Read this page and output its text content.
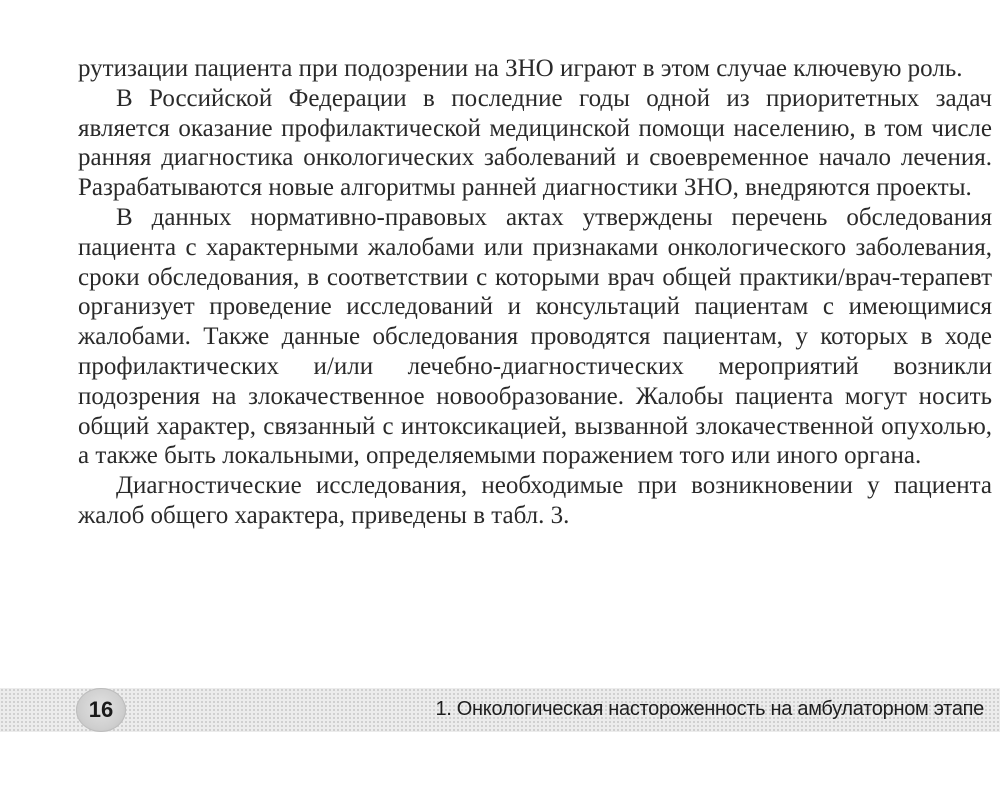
рутизации пациента при подозрении на ЗНО играют в этом случае ключевую роль.

В Российской Федерации в последние годы одной из приоритетных задач является оказание профилактической медицинской помощи населению, в том числе ранняя диагностика онкологических заболеваний и своевременное начало лечения. Разрабатываются новые алгоритмы ранней диагностики ЗНО, внедряются проекты.

В данных нормативно-правовых актах утверждены перечень обследования пациента с характерными жалобами или признаками онкологического заболевания, сроки обследования, в соответствии с которыми врач общей практики/врач-терапевт организует проведение исследований и консультаций пациентам с имеющимися жалобами. Также данные обследования проводятся пациентам, у которых в ходе профилактических и/или лечебно-диагностических мероприятий возникли подозрения на злокачественное новообразование. Жалобы пациента могут носить общий характер, связанный с интоксикацией, вызванной злокачественной опухолью, а также быть локальными, определяемыми поражением того или иного органа.

Диагностические исследования, необходимые при возникновении у пациента жалоб общего характера, приведены в табл. 3.

16	1. Онкологическая настороженность на амбулаторном этапе
